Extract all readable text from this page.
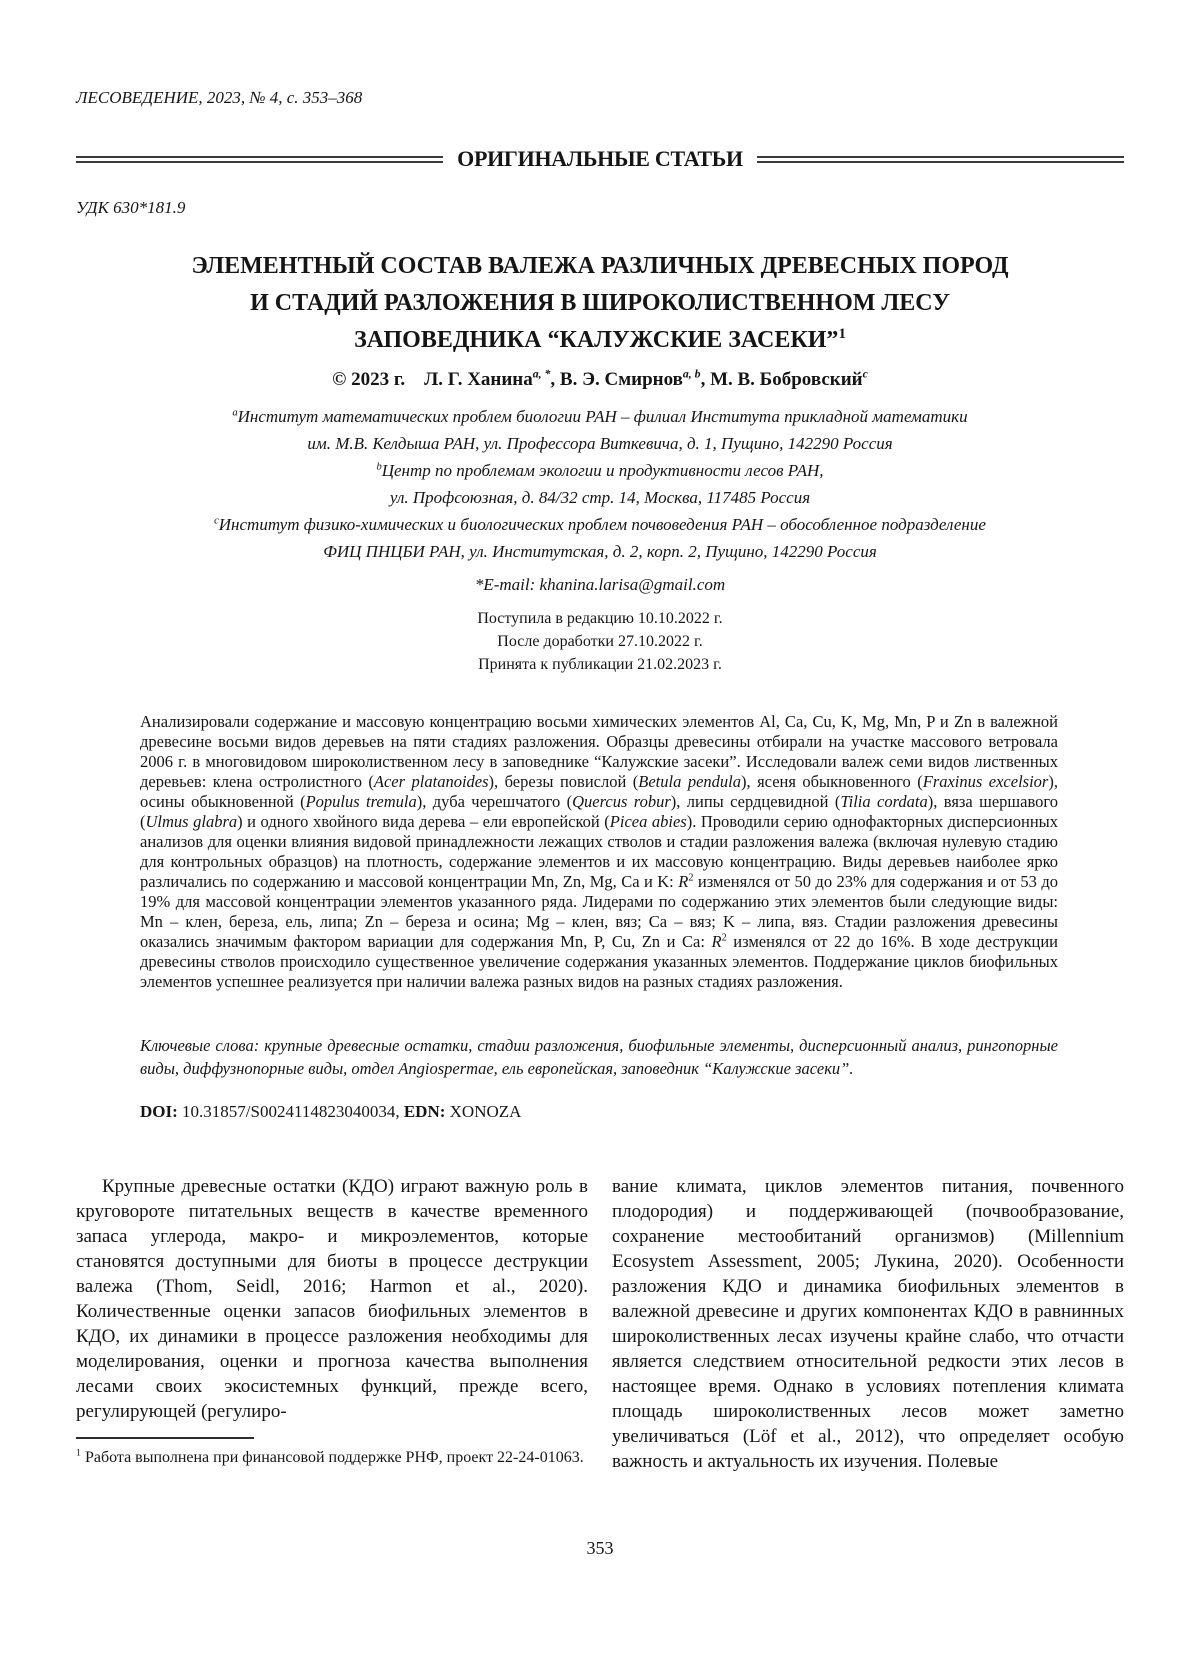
ЛЕСОВЕДЕНИЕ, 2023, № 4, с. 353–368
ОРИГИНАЛЬНЫЕ СТАТЬИ
УДК 630*181.9
ЭЛЕМЕНТНЫЙ СОСТАВ ВАЛЕЖА РАЗЛИЧНЫХ ДРЕВЕСНЫХ ПОРОД
И СТАДИЙ РАЗЛОЖЕНИЯ В ШИРОКОЛИСТВЕННОМ ЛЕСУ
ЗАПОВЕДНИКА “КАЛУЖСКИЕ ЗАСЕКИ”$^1$
© 2023 г. Л. Г. Ханина$^{a, *}$, В. Э. Смирнов$^{a, b}$, М. В. Бобровский$^c$

$^a$Институт математических проблем биологии РАН – филиал Института прикладной математики
им. М.В. Келдыша РАН, ул. Профессора Виткевича, д. 1, Пущино, 142290 Россия

$^b$Центр по проблемам экологии и продуктивности лесов РАН,
ул. Профсоюзная, д. 84/32 стр. 14, Москва, 117485 Россия

$^c$Институт физико-химических и биологических проблем почвоведения РАН – обособленное подразделение
ФИЦ ПНЦБИ РАН, ул. Институтская, д. 2, корп. 2, Пущино, 142290 Россия

*E-mail: khanina.larisa@gmail.com
Поступила в редакцию 10.10.2022 г.
После доработки 27.10.2022 г.
Принята к публикации 21.02.2023 г.
Анализировали содержание и массовую концентрацию восьми химических элементов Al, Ca, Cu, K, Mg, Mn, P и Zn в валежной древесине восьми видов деревьев на пяти стадиях разложения. Образцы древесины отбирали на участке массового ветровала 2006 г. в многовидовом широколиственном лесу в заповеднике “Калужские засеки”. Исследовали валеж семи видов лиственных деревьев: клена остролистного (Acer platanoides), березы повислой (Betula pendula), ясеня обыкновенного (Fraxinus excelsior), осины обыкновенной (Populus tremula), дуба черешчатого (Quercus robur), липы сердцевидной (Tilia cordata), вяза шершавого (Ulmus glabra) и одного хвойного вида дерева – ели европейской (Picea abies). Проводили серию однофакторных дисперсионных анализов для оценки влияния видовой принадлежности лежащих стволов и стадии разложения валежа (включая нулевую стадию для контрольных образцов) на плотность, содержание элементов и их массовую концентрацию. Виды деревьев наиболее ярко различались по содержанию и массовой концентрации Mn, Zn, Mg, Ca и K: $R^2$ изменялся от 50 до 23% для содержания и от 53 до 19% для массовой концентрации элементов указанного ряда. Лидерами по содержанию этих элементов были следующие виды: Mn – клен, береза, ель, липа; Zn – береза и осина; Mg – клен, вяз; Ca – вяз; K – липа, вяз. Стадии разложения древесины оказались значимым фактором вариации для содержания Mn, P, Cu, Zn и Ca: $R^2$ изменялся от 22 до 16%. В ходе деструкции древесины стволов происходило существенное увеличение содержания указанных элементов. Поддержание циклов биофильных элементов успешнее реализуется при наличии валежа разных видов на разных стадиях разложения.
Ключевые слова: крупные древесные остатки, стадии разложения, биофильные элементы, дисперсионный анализ, рингопорные виды, диффузнопорные виды, отдел Angiospermae, ель европейская, заповедник “Калужские засеки”.
DOI: 10.31857/S0024114823040034, EDN: XONOZA

Крупные древесные остатки (КДО) играют важную роль в круговороте питательных веществ в качестве временного запаса углерода, макро- и микроэлементов, которые становятся доступными для биоты в процессе деструкции валежа (Thom, Seidl, 2016; Harmon et al., 2020). Количественные оценки запасов биофильных элементов в КДО, их динамики в процессе разложения необходимы для моделирования, оценки и прогноза качества выполнения лесами своих экосистемных функций, прежде всего, регулирующей (регулиро-

$^1$ Работа выполнена при финансовой поддержке РНФ, проект 22-24-01063.

вание климата, циклов элементов питания, почвенного плодородия) и поддерживающей (почвообразование, сохранение местообитаний организмов) (Millennium Ecosystem Assessment, 2005; Лукина, 2020). Особенности разложения КДО и динамика биофильных элементов в валежной древесине и других компонентах КДО в равнинных широколиственных лесах изучены крайне слабо, что отчасти является следствием относительной редкости этих лесов в настоящее время. Однако в условиях потепления климата площадь широколиственных лесов может заметно увеличиваться (Löf et al., 2012), что определяет особую важность и актуальность их изучения. Полевые

353
